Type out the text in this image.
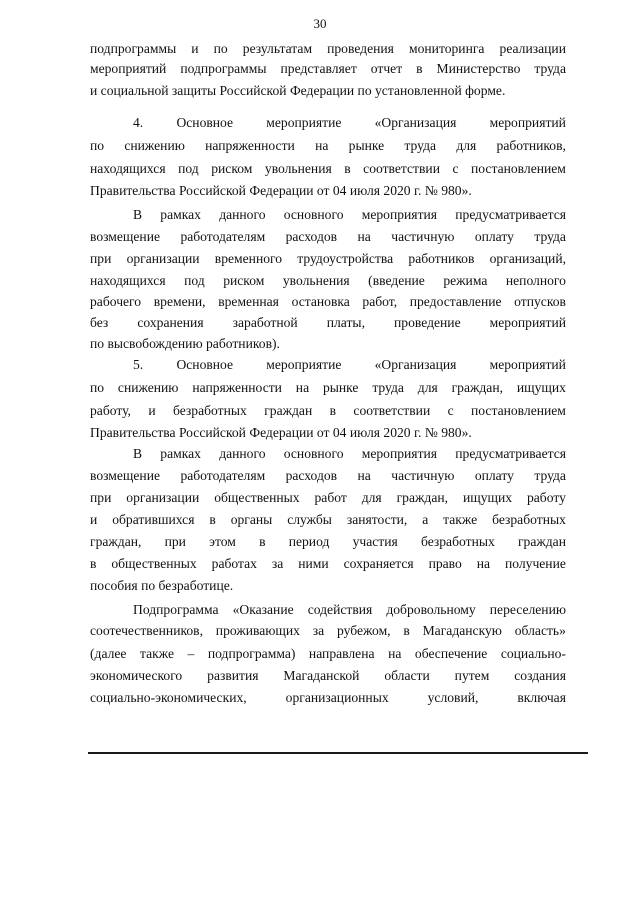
30
подпрограммы и по результатам проведения мониторинга реализации
мероприятий подпрограммы представляет отчет в Министерство труда
и социальной защиты Российской Федерации по установленной форме.
4. Основное мероприятие «Организация мероприятий
по снижению напряженности на рынке труда для работников,
находящихся под риском увольнения в соответствии с постановлением
Правительства Российской Федерации от 04 июля 2020 г. № 980».
В рамках данного основного мероприятия предусматривается
возмещение работодателям расходов на частичную оплату труда
при организации временного трудоустройства работников организаций,
находящихся под риском увольнения (введение режима неполного
рабочего времени, временная остановка работ, предоставление отпусков
без сохранения заработной платы, проведение мероприятий
по высвобождению работников).
5. Основное мероприятие «Организация мероприятий
по снижению напряженности на рынке труда для граждан, ищущих
работу, и безработных граждан в соответствии с постановлением
Правительства Российской Федерации от 04 июля 2020 г. № 980».
В рамках данного основного мероприятия предусматривается
возмещение работодателям расходов на частичную оплату труда
при организации общественных работ для граждан, ищущих работу
и обратившихся в органы службы занятости, а также безработных
граждан, при этом в период участия безработных граждан
в общественных работах за ними сохраняется право на получение
пособия по безработице.
Подпрограмма «Оказание содействия добровольному переселению
соотечественников, проживающих за рубежом, в Магаданскую область»
(далее также – подпрограмма) направлена на обеспечение социально-
экономического развития Магаданской области путем создания
социально-экономических,	организационных	условий,	включая
